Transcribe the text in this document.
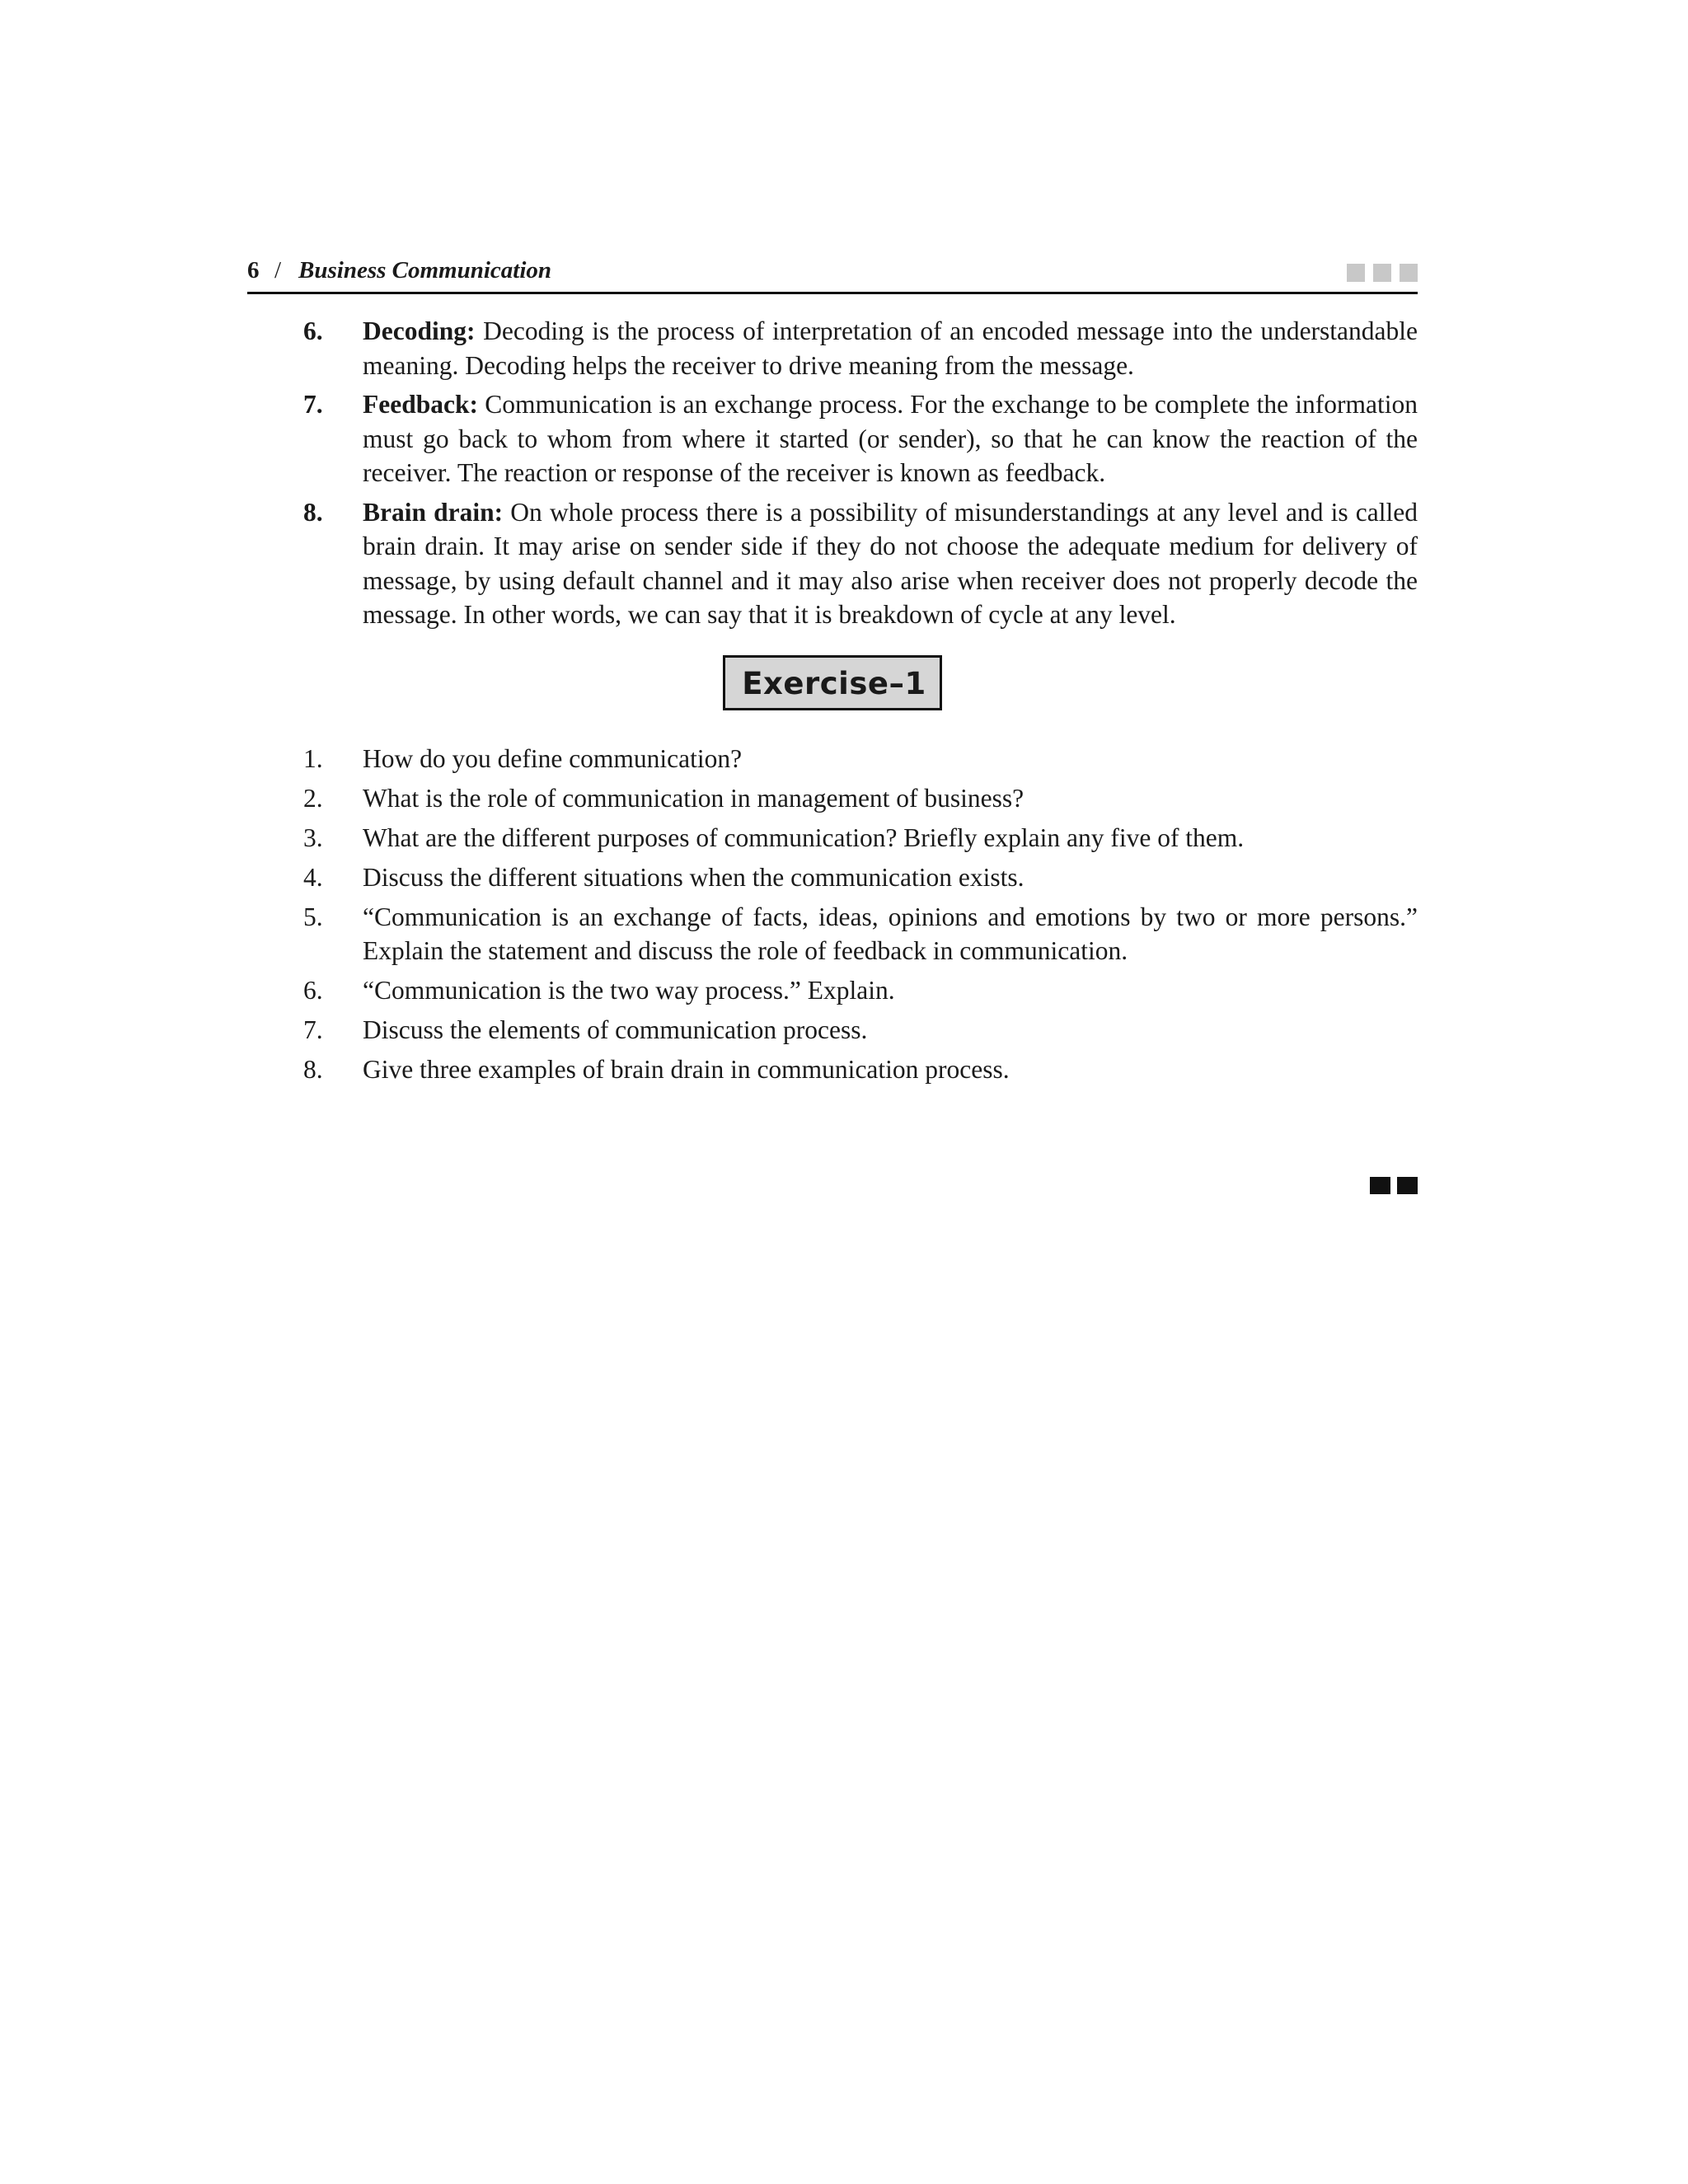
6 / Business Communication
6. Decoding: Decoding is the process of interpretation of an encoded message into the understandable meaning. Decoding helps the receiver to drive meaning from the message.
7. Feedback: Communication is an exchange process. For the exchange to be complete the information must go back to whom from where it started (or sender), so that he can know the reaction of the receiver. The reaction or response of the receiver is known as feedback.
8. Brain drain: On whole process there is a possibility of misunderstandings at any level and is called brain drain. It may arise on sender side if they do not choose the adequate medium for delivery of message, by using default channel and it may also arise when receiver does not properly decode the message. In other words, we can say that it is breakdown of cycle at any level.
Exercise–1
1. How do you define communication?
2. What is the role of communication in management of business?
3. What are the different purposes of communication? Briefly explain any five of them.
4. Discuss the different situations when the communication exists.
5. “Communication is an exchange of facts, ideas, opinions and emotions by two or more persons.” Explain the statement and discuss the role of feedback in communication.
6. “Communication is the two way process.” Explain.
7. Discuss the elements of communication process.
8. Give three examples of brain drain in communication process.
